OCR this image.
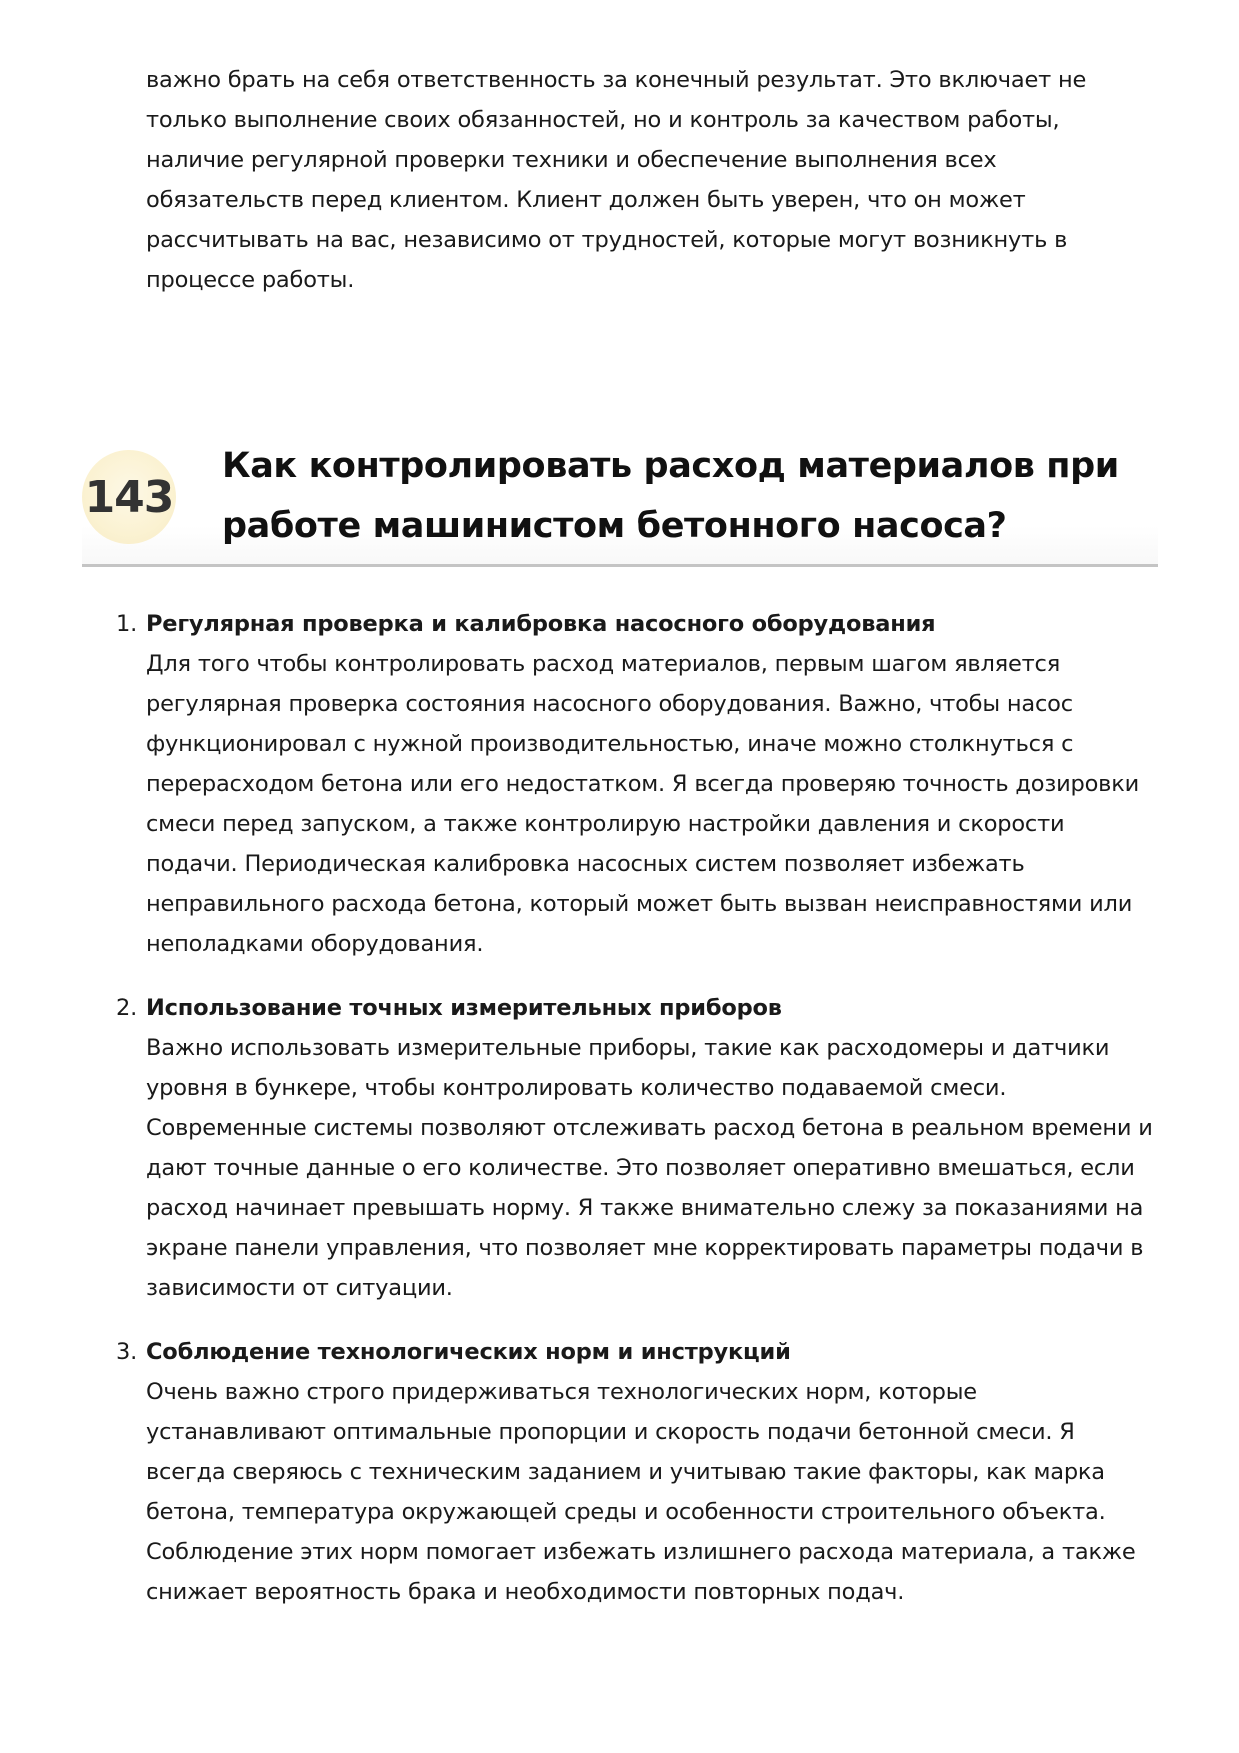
важно брать на себя ответственность за конечный результат. Это включает не только выполнение своих обязанностей, но и контроль за качеством работы, наличие регулярной проверки техники и обеспечение выполнения всех обязательств перед клиентом. Клиент должен быть уверен, что он может рассчитывать на вас, независимо от трудностей, которые могут возникнуть в процессе работы.

143
Как контролировать расход материалов при работе машинистом бетонного насоса?
1. Регулярная проверка и калибровка насосного оборудования
Для того чтобы контролировать расход материалов, первым шагом является регулярная проверка состояния насосного оборудования. Важно, чтобы насос функционировал с нужной производительностью, иначе можно столкнуться с перерасходом бетона или его недостатком. Я всегда проверяю точность дозировки смеси перед запуском, а также контролирую настройки давления и скорости подачи. Периодическая калибровка насосных систем позволяет избежать неправильного расхода бетона, который может быть вызван неисправностями или неполадками оборудования.
2. Использование точных измерительных приборов
Важно использовать измерительные приборы, такие как расходомеры и датчики уровня в бункере, чтобы контролировать количество подаваемой смеси. Современные системы позволяют отслеживать расход бетона в реальном времени и дают точные данные о его количестве. Это позволяет оперативно вмешаться, если расход начинает превышать норму. Я также внимательно слежу за показаниями на экране панели управления, что позволяет мне корректировать параметры подачи в зависимости от ситуации.
3. Соблюдение технологических норм и инструкций
Очень важно строго придерживаться технологических норм, которые устанавливают оптимальные пропорции и скорость подачи бетонной смеси. Я всегда сверяюсь с техническим заданием и учитываю такие факторы, как марка бетона, температура окружающей среды и особенности строительного объекта. Соблюдение этих норм помогает избежать излишнего расхода материала, а также снижает вероятность брака и необходимости повторных подач.
